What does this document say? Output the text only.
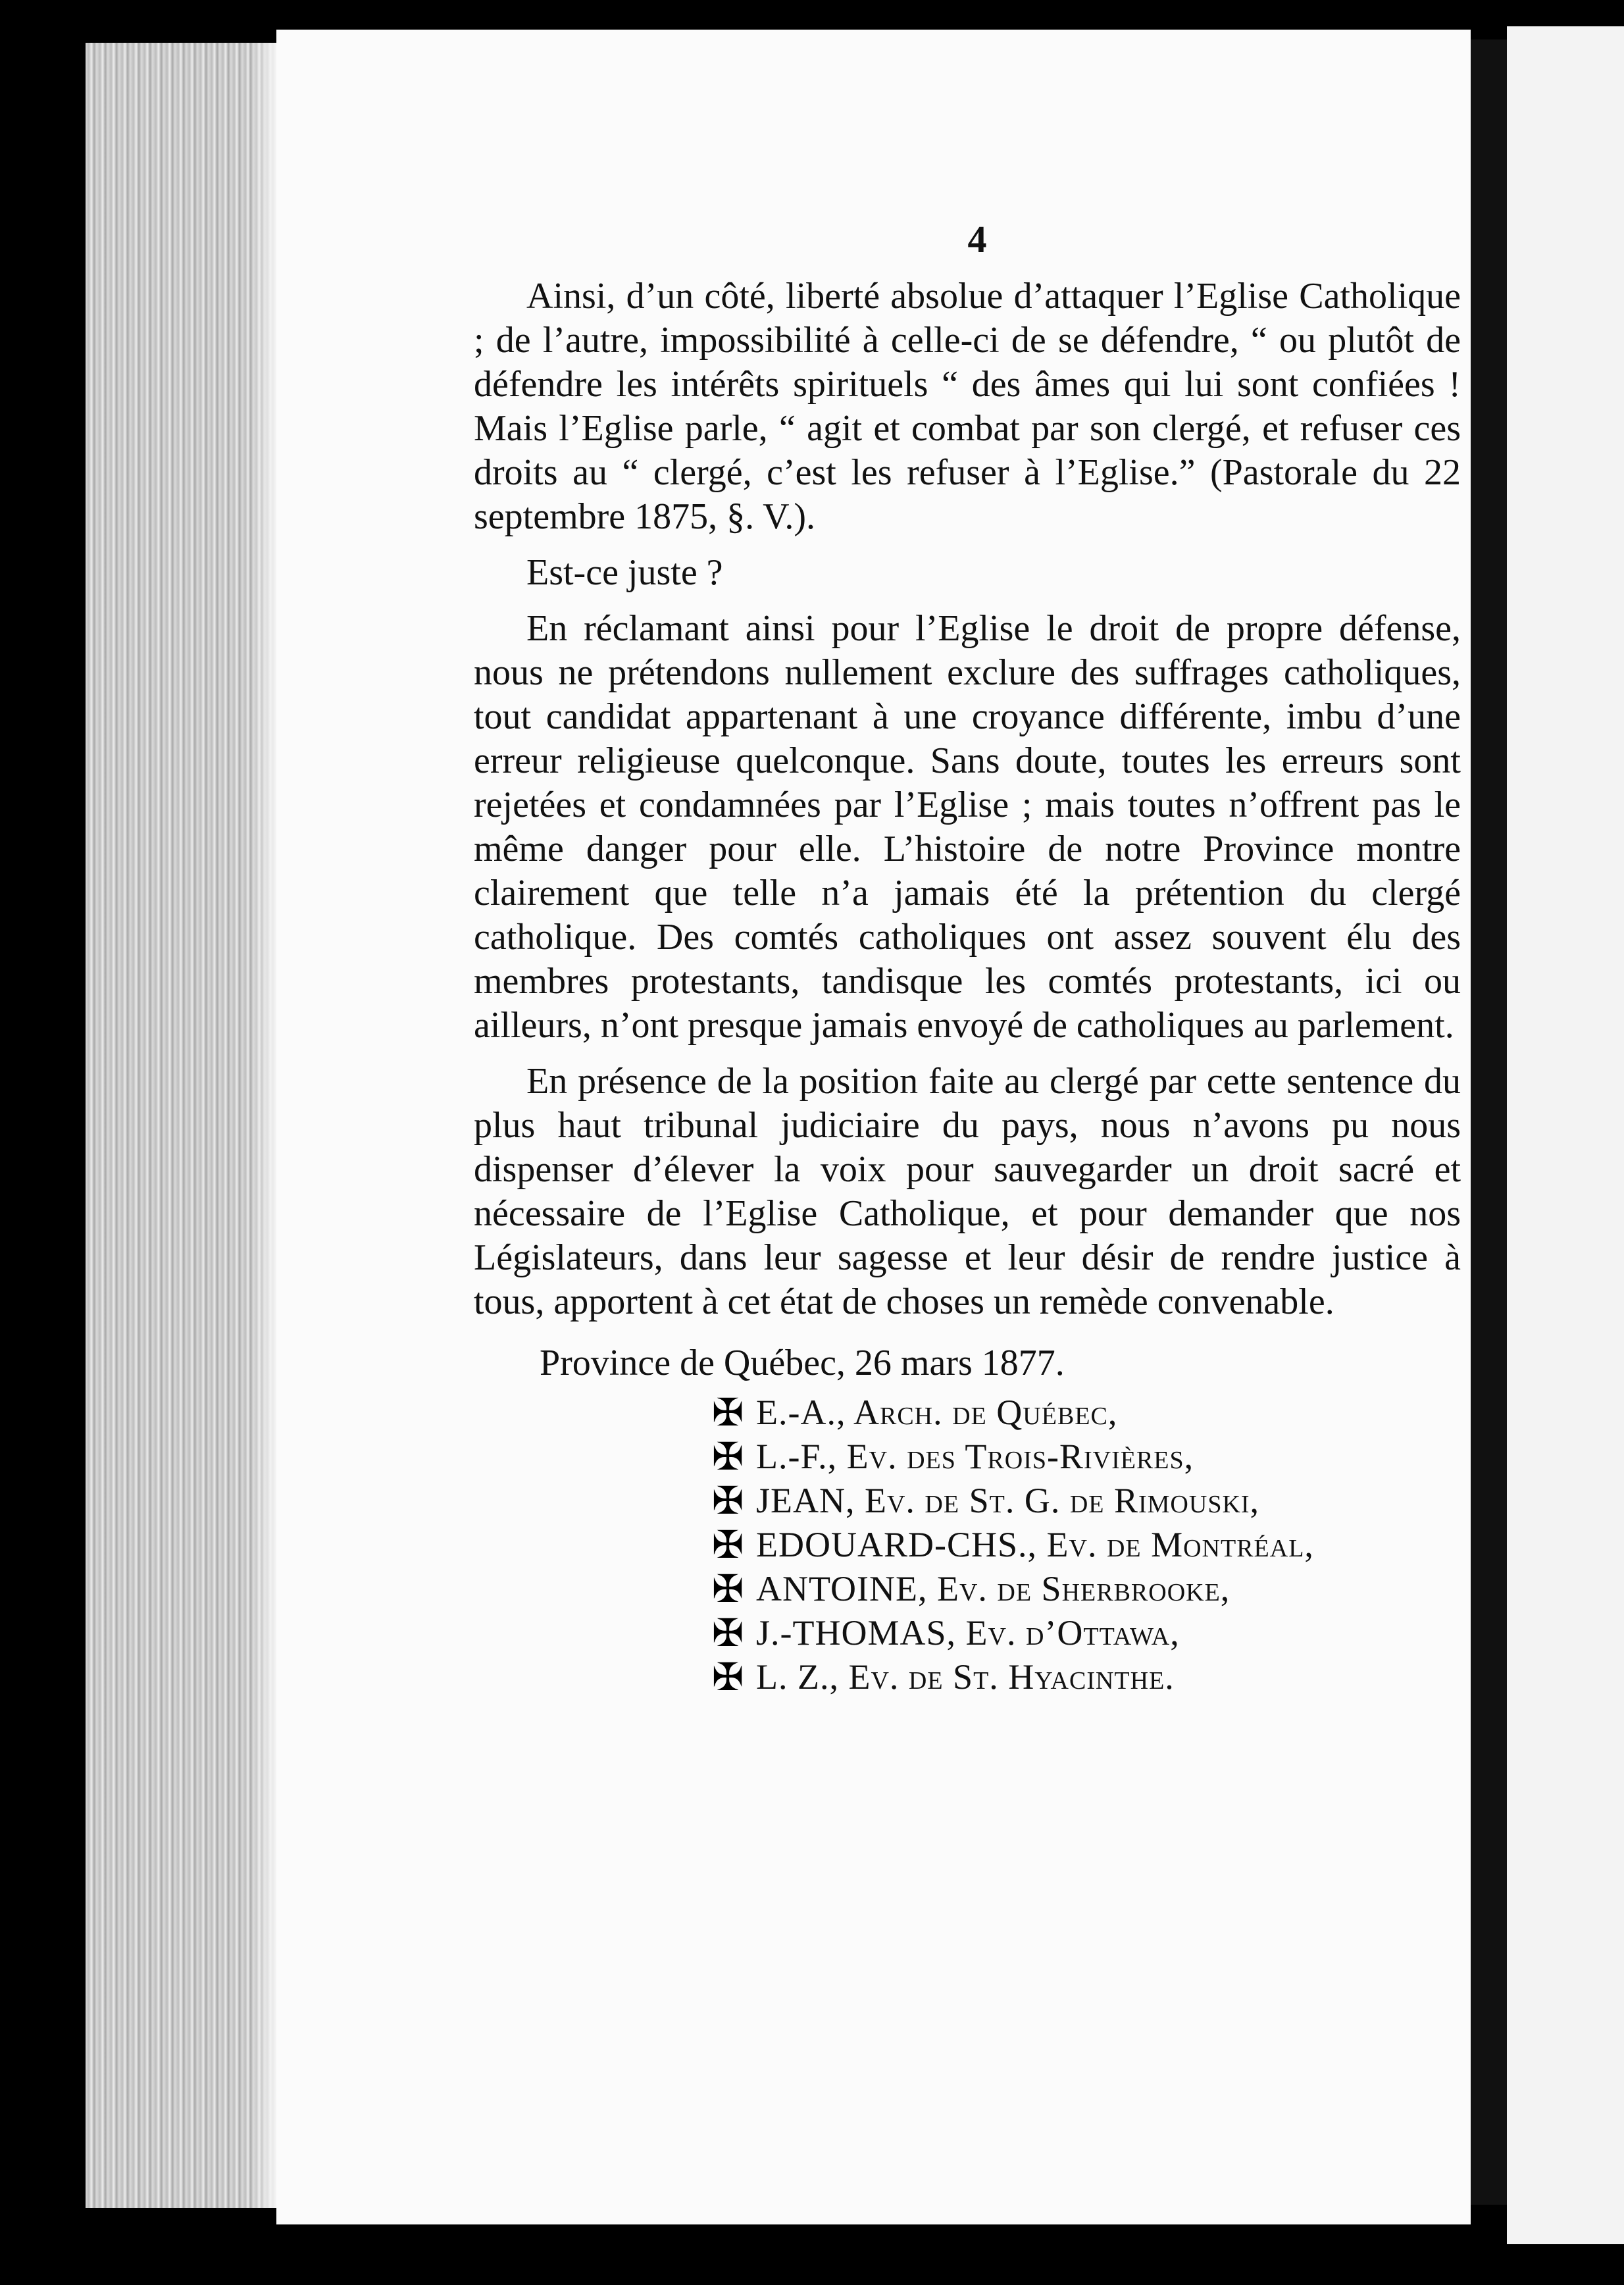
4

Ainsi, d’un côté, liberté absolue d’attaquer l’Eglise Catholique ; de l’autre, impossibilité à celle-ci de se défendre, “ ou plutôt de défendre les intérêts spirituels “ des âmes qui lui sont confiées ! Mais l’Eglise parle, “ agit et combat par son clergé, et refuser ces droits au “ clergé, c’est les refuser à l’Eglise.” (Pastorale du 22 septembre 1875, §. V.).

Est-ce juste ?

En réclamant ainsi pour l’Eglise le droit de propre défense, nous ne prétendons nullement exclure des suffrages catholiques, tout candidat appartenant à une croyance différente, imbu d’une erreur religieuse quelconque. Sans doute, toutes les erreurs sont rejetées et condamnées par l’Eglise ; mais toutes n’offrent pas le même danger pour elle. L’histoire de notre Province montre clairement que telle n’a jamais été la prétention du clergé catholique. Des comtés catholiques ont assez souvent élu des membres protestants, tandisque les comtés protestants, ici ou ailleurs, n’ont presque jamais envoyé de catholiques au parlement.

En présence de la position faite au clergé par cette sentence du plus haut tribunal judiciaire du pays, nous n’avons pu nous dispenser d’élever la voix pour sauvegarder un droit sacré et nécessaire de l’Eglise Catholique, et pour demander que nos Législateurs, dans leur sagesse et leur désir de rendre justice à tous, apportent à cet état de choses un remède convenable.

Province de Québec, 26 mars 1877.
✠ E.-A., Arch. de Québec,
✠ L.-F., Ev. des Trois-Rivières,
✠ JEAN, Ev. de St. G. de Rimouski,
✠ EDOUARD-CHS., Ev. de Montréal,
✠ ANTOINE, Ev. de Sherbrooke,
✠ J.-THOMAS, Ev. d’Ottawa,
✠ L. Z., Ev. de St. Hyacinthe.
